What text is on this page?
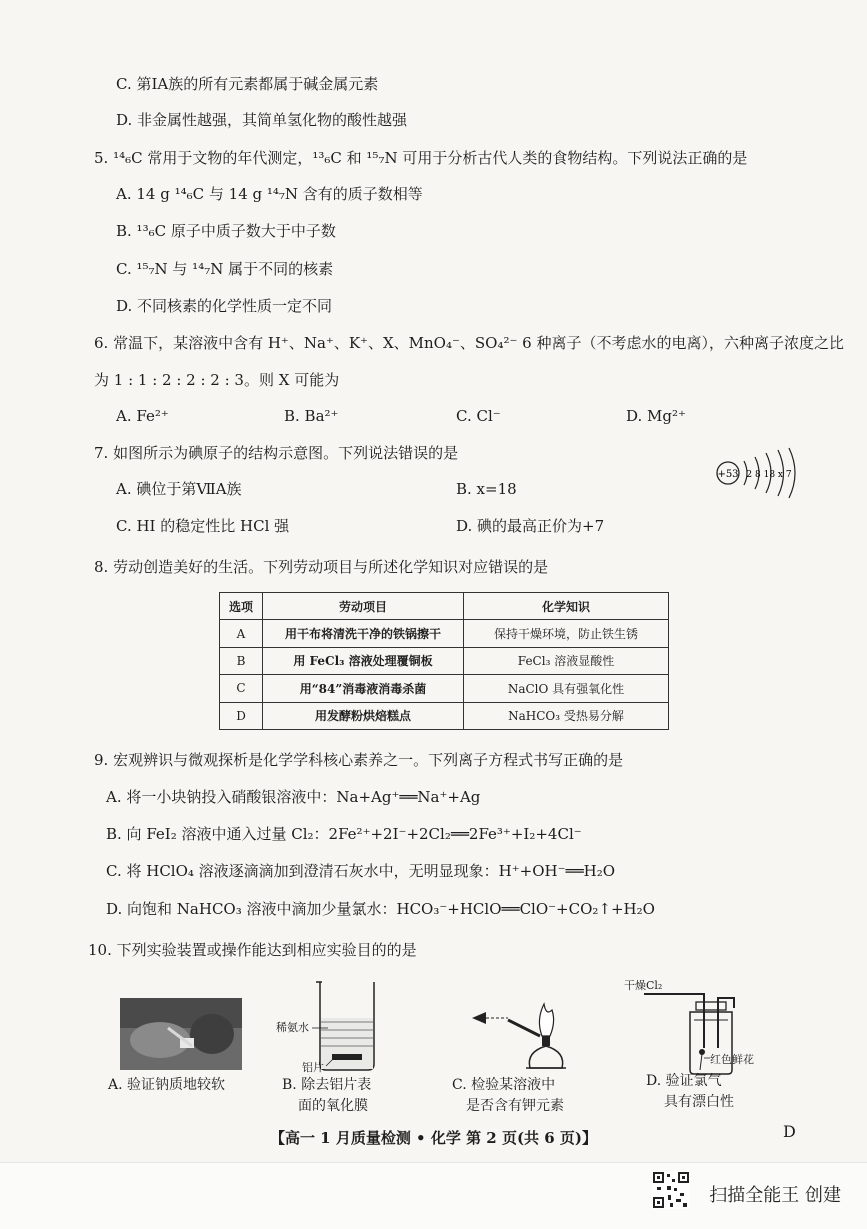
C. 第ⅠA族的所有元素都属于碱金属元素
D. 非金属性越强，其简单氢化物的酸性越强
5. ¹⁴₆C 常用于文物的年代测定，¹³₆C 和 ¹⁵₇N 可用于分析古代人类的食物结构。下列说法正确的是
A. 14 g ¹⁴₆C 与 14 g ¹⁴₇N 含有的质子数相等
B. ¹³₆C 原子中质子数大于中子数
C. ¹⁵₇N 与 ¹⁴₇N 属于不同的核素
D. 不同核素的化学性质一定不同
6. 常温下，某溶液中含有 H⁺、Na⁺、K⁺、X、MnO₄⁻、SO₄²⁻ 6 种离子（不考虑水的电离），六种离子浓度之比
为 1 : 1 : 2 : 2 : 2 : 3。则 X 可能为
A. Fe²⁺	B. Ba²⁺	C. Cl⁻	D. Mg²⁺
7. 如图所示为碘原子的结构示意图。下列说法错误的是
A. 碘位于第ⅦA族	B. x=18
C. HI 的稳定性比 HCl 强	D. 碘的最高正价为+7
+53 2 8 18 x 7
8. 劳动创造美好的生活。下列劳动项目与所述化学知识对应错误的是
选项	劳动项目	化学知识
A	用干布将清洗干净的铁锅擦干	保持干燥环境，防止铁生锈
B	用 FeCl₃ 溶液处理覆铜板	FeCl₃ 溶液显酸性
C	用“84”消毒液消毒杀菌	NaClO 具有强氧化性
D	用发酵粉烘焙糕点	NaHCO₃ 受热易分解
9. 宏观辨识与微观探析是化学学科核心素养之一。下列离子方程式书写正确的是
A. 将一小块钠投入硝酸银溶液中：Na+Ag⁺══Na⁺+Ag
B. 向 FeI₂ 溶液中通入过量 Cl₂：2Fe²⁺+2I⁻+2Cl₂══2Fe³⁺+I₂+4Cl⁻
C. 将 HClO₄ 溶液逐滴滴加到澄清石灰水中，无明显现象：H⁺+OH⁻══H₂O
D. 向饱和 NaHCO₃ 溶液中滴加少量氯水：HCO₃⁻+HClO══ClO⁻+CO₂↑+H₂O
10. 下列实验装置或操作能达到相应实验目的的是
A. 验证钠质地较软
稀氨水
铝片
B. 除去铝片表
面的氧化膜
C. 检验某溶液中
是否含有钾元素
干燥Cl₂
红色鲜花
D. 验证氯气
具有漂白性
【高一 1 月质量检测 • 化学 第 2 页(共 6 页)】	D
扫描全能王 创建
